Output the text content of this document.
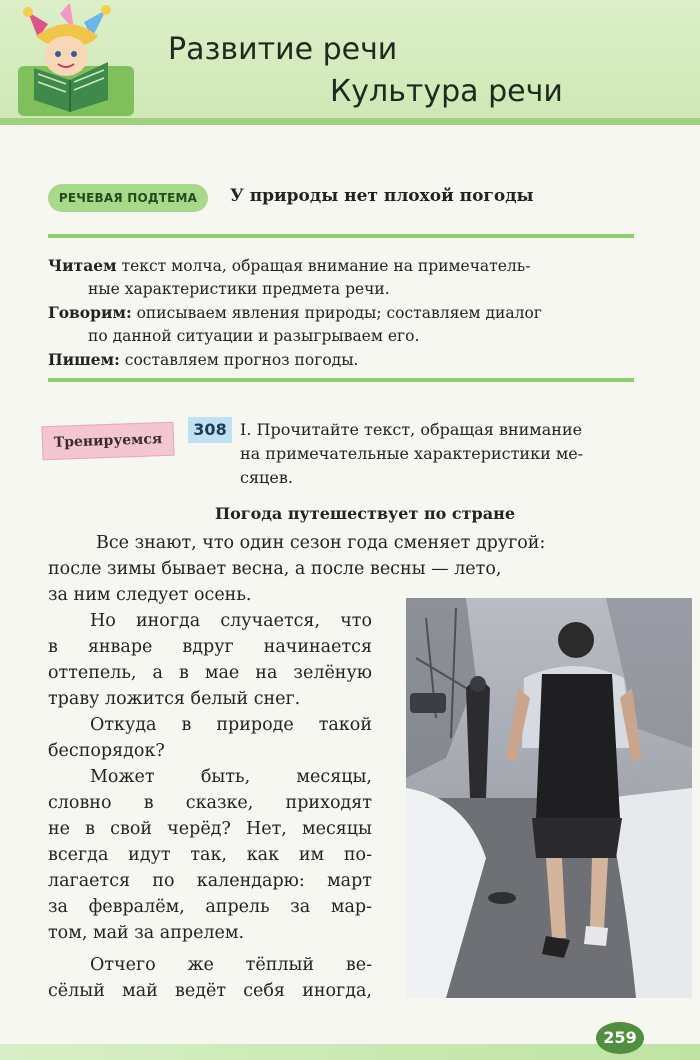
Развитие речи
Культура речи
РЕЧЕВАЯ ПОДТЕМА	У природы нет плохой погоды

Читаем текст молча, обращая внимание на примечатель-

ные характеристики предмета речи.

Говорим: описываем явления природы; составляем диалог

по данной ситуации и разыгрываем его.

Пишем: составляем прогноз погоды.

Тренируемся
308 I. Прочитайте текст, обращая внимание

на примечательные характеристики ме-

сяцев.

Погода путешествует по стране
Все знают, что один сезон года сменяет другой:
после зимы бывает весна, а после весны — лето,
за ним следует осень.
Но иногда случается, что
в январе вдруг начинается
оттепель, а в мае на зелёную
траву ложится белый снег.
Откуда в природе такой
беспорядок?
Может быть, месяцы,
словно в сказке, приходят
не в свой черёд? Нет, месяцы
всегда идут так, как им по-
лагается по календарю: март
за февралём, апрель за мар-
том, май за апрелем.
Отчего же тёплый ве-
сёлый май ведёт себя иногда,
259
